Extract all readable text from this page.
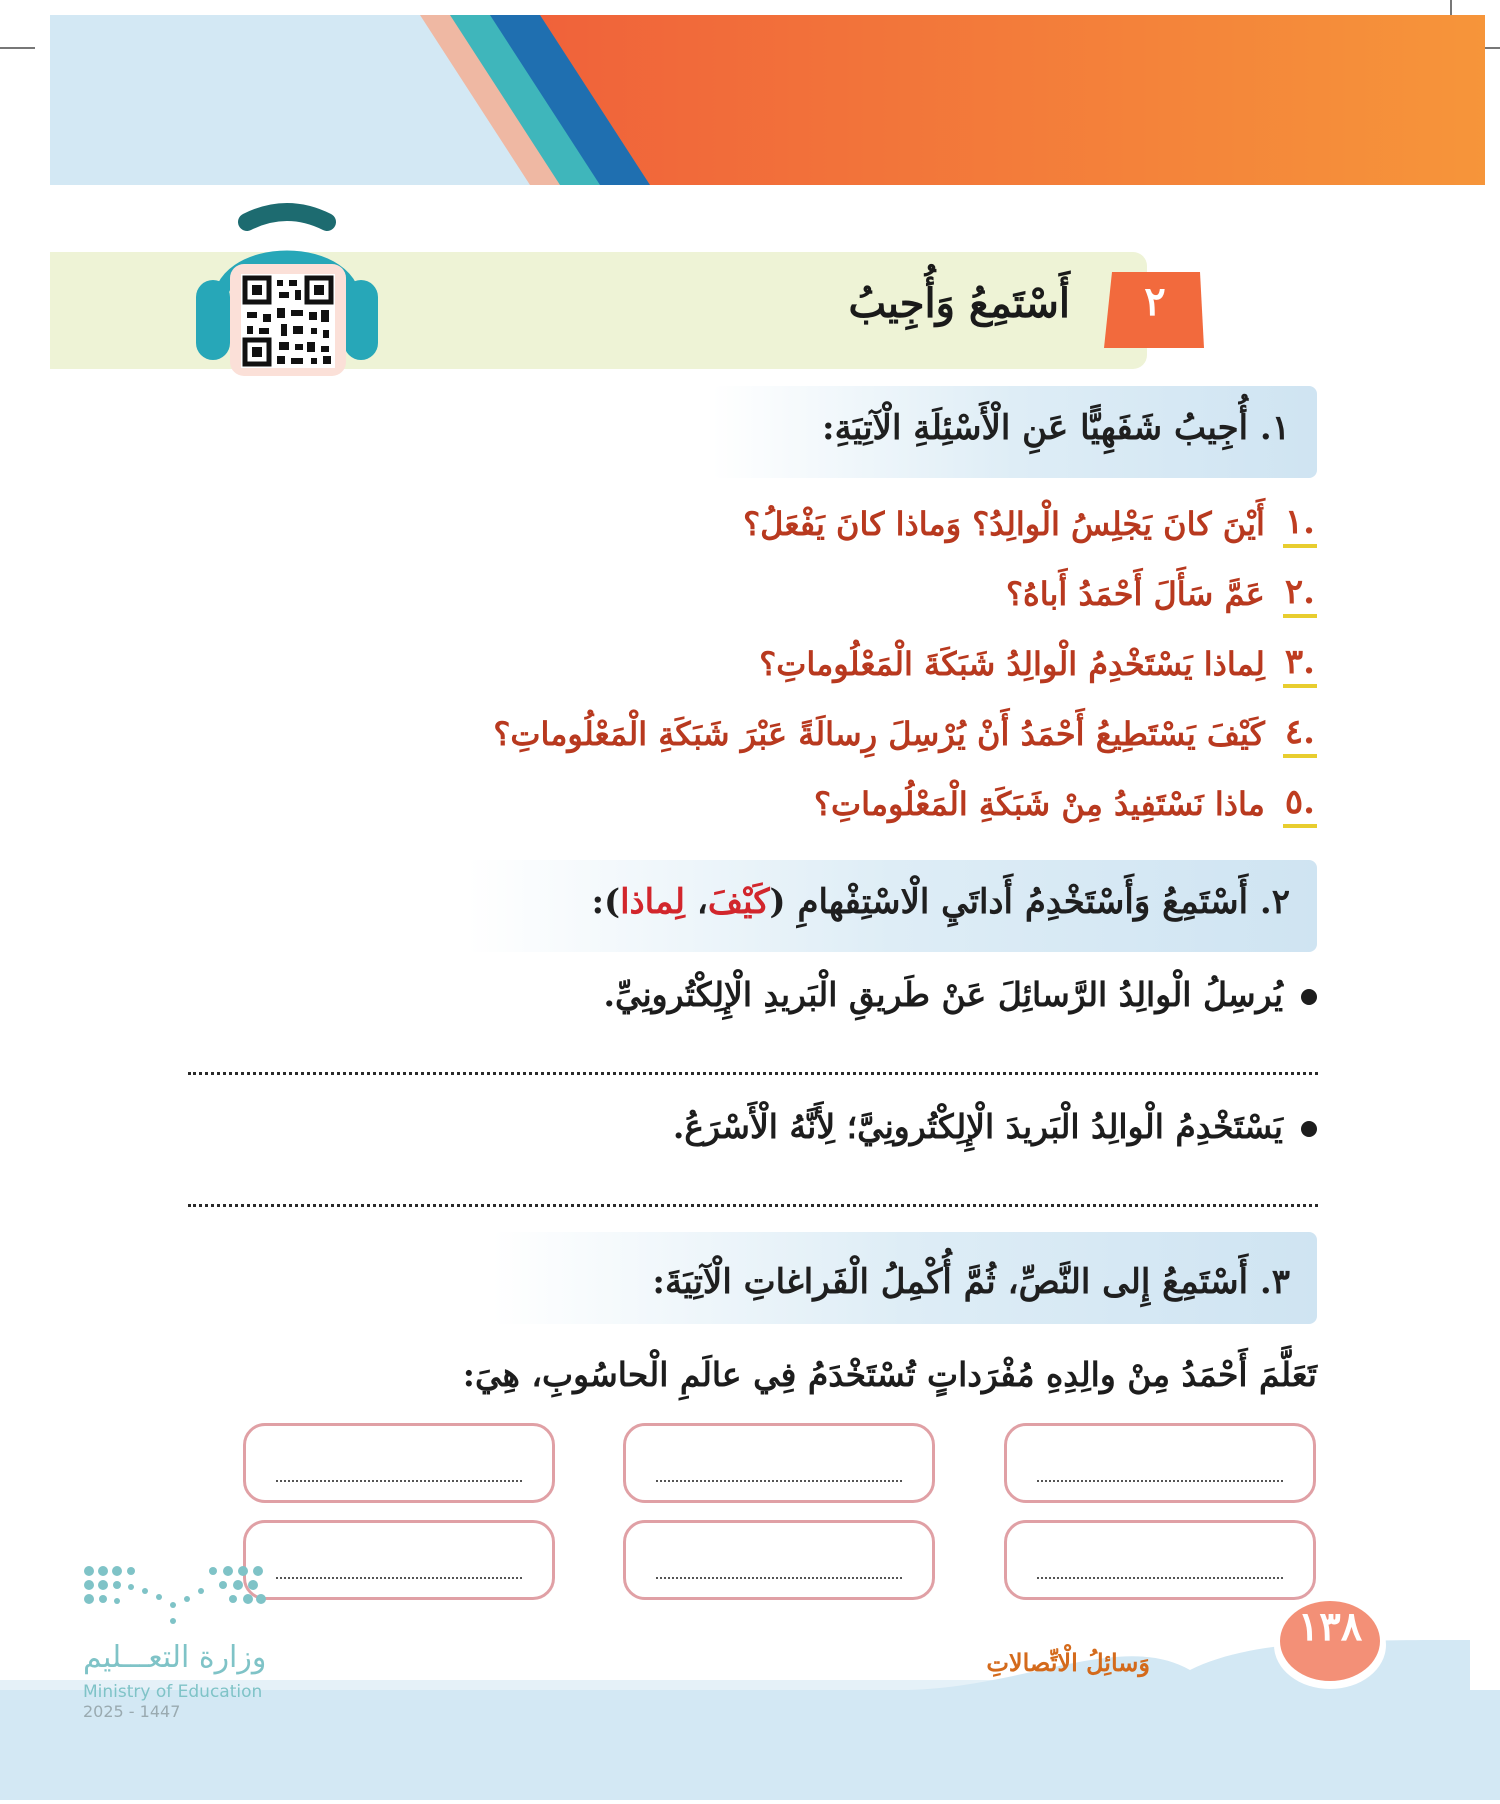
٢
أَسْتَمِعُ وَأُجِيبُ
١. أُجِيبُ شَفَهِيًّا عَنِ الْأَسْئِلَةِ الْآتِيَةِ:
١.
أَيْنَ كانَ يَجْلِسُ الْوالِدُ؟ وَماذا كانَ يَفْعَلُ؟
٢.
عَمَّ سَأَلَ أَحْمَدُ أَباهُ؟
٣.
لِماذا يَسْتَخْدِمُ الْوالِدُ شَبَكَةَ الْمَعْلُوماتِ؟
٤.
كَيْفَ يَسْتَطِيعُ أَحْمَدُ أَنْ يُرْسِلَ رِسالَةً عَبْرَ شَبَكَةِ الْمَعْلُوماتِ؟
٥.
ماذا نَسْتَفِيدُ مِنْ شَبَكَةِ الْمَعْلُوماتِ؟
٢. أَسْتَمِعُ وَأَسْتَخْدِمُ أَداتَيِ الْاسْتِفْهامِ (كَيْفَ، لِماذا):
يُرسِلُ الْوالِدُ الرَّسائِلَ عَنْ طَريقِ الْبَريدِ الْإِلِكْتُرونِيِّ.
يَسْتَخْدِمُ الْوالِدُ الْبَريدَ الْإِلِكْتُرونِيَّ؛ لِأَنَّهُ الْأَسْرَعُ.
٣. أَسْتَمِعُ إِلى النَّصِّ، ثُمَّ أُكْمِلُ الْفَراغاتِ الْآتِيَةَ:
تَعَلَّمَ أَحْمَدُ مِنْ والِدِهِ مُفْرَداتٍ تُسْتَخْدَمُ فِي عالَمِ الْحاسُوبِ، هِيَ:
١٣٨
وَسائِلُ الْاتِّصالاتِ
وزارة التعـــليم
Ministry of Education
2025 - 1447
